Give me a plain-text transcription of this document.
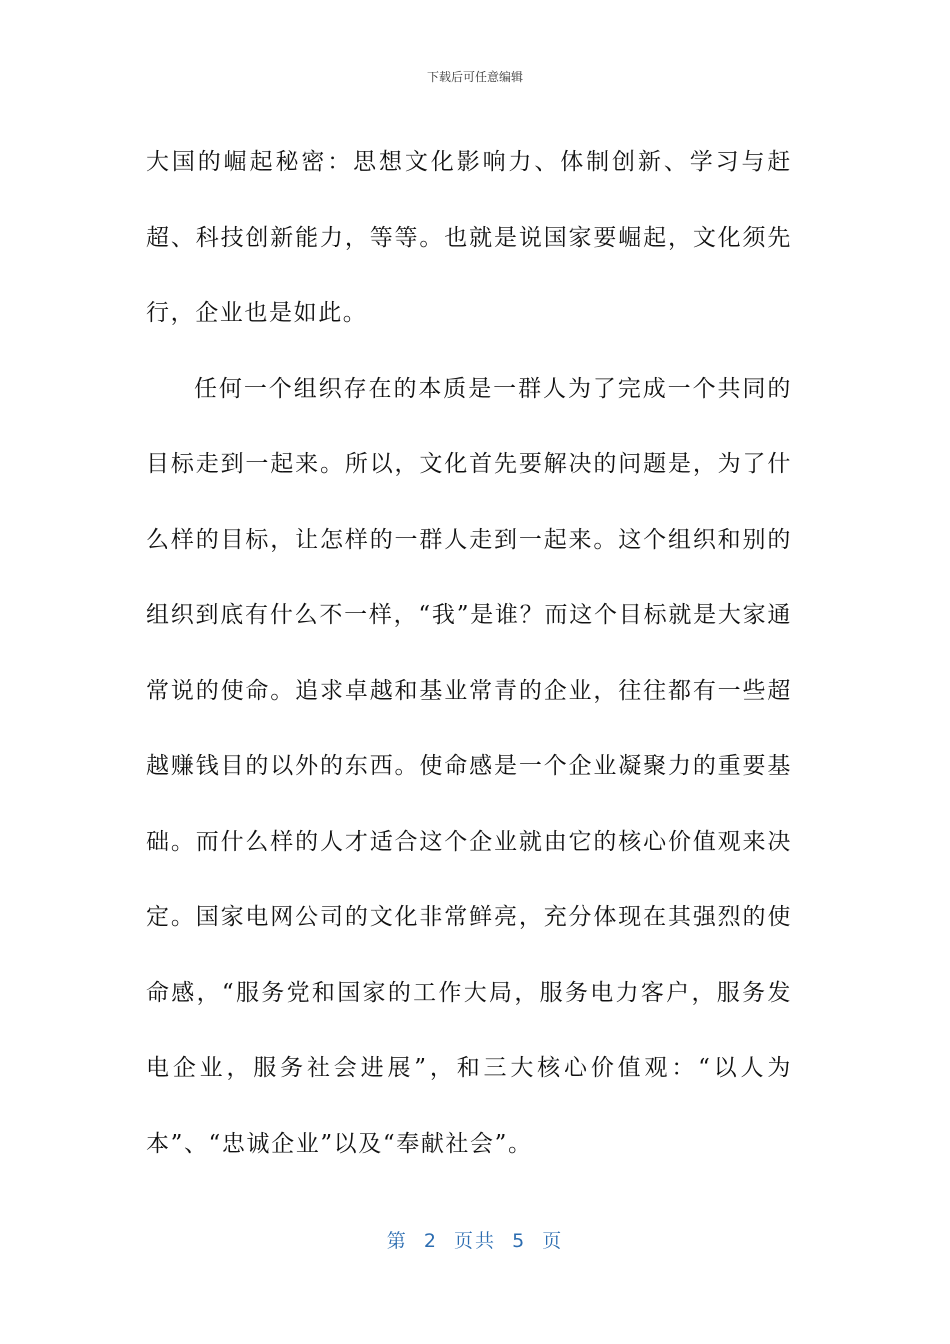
下载后可任意编辑

大国的崛起秘密：思想文化影响力、体制创新、学习与赶超、科技创新能力，等等。也就是说国家要崛起，文化须先行，企业也是如此。

任何一个组织存在的本质是一群人为了完成一个共同的目标走到一起来。所以，文化首先要解决的问题是，为了什么样的目标，让怎样的一群人走到一起来。这个组织和别的组织到底有什么不一样，“我”是谁？而这个目标就是大家通常说的使命。追求卓越和基业常青的企业，往往都有一些超越赚钱目的以外的东西。使命感是一个企业凝聚力的重要基础。而什么样的人才适合这个企业就由它的核心价值观来决定。国家电网公司的文化非常鲜亮，充分体现在其强烈的使命感，“服务党和国家的工作大局，服务电力客户，服务发电企业，服务社会进展”，和三大核心价值观：“以人为本”、“忠诚企业”以及“奉献社会”。

第  2  页共  5  页
